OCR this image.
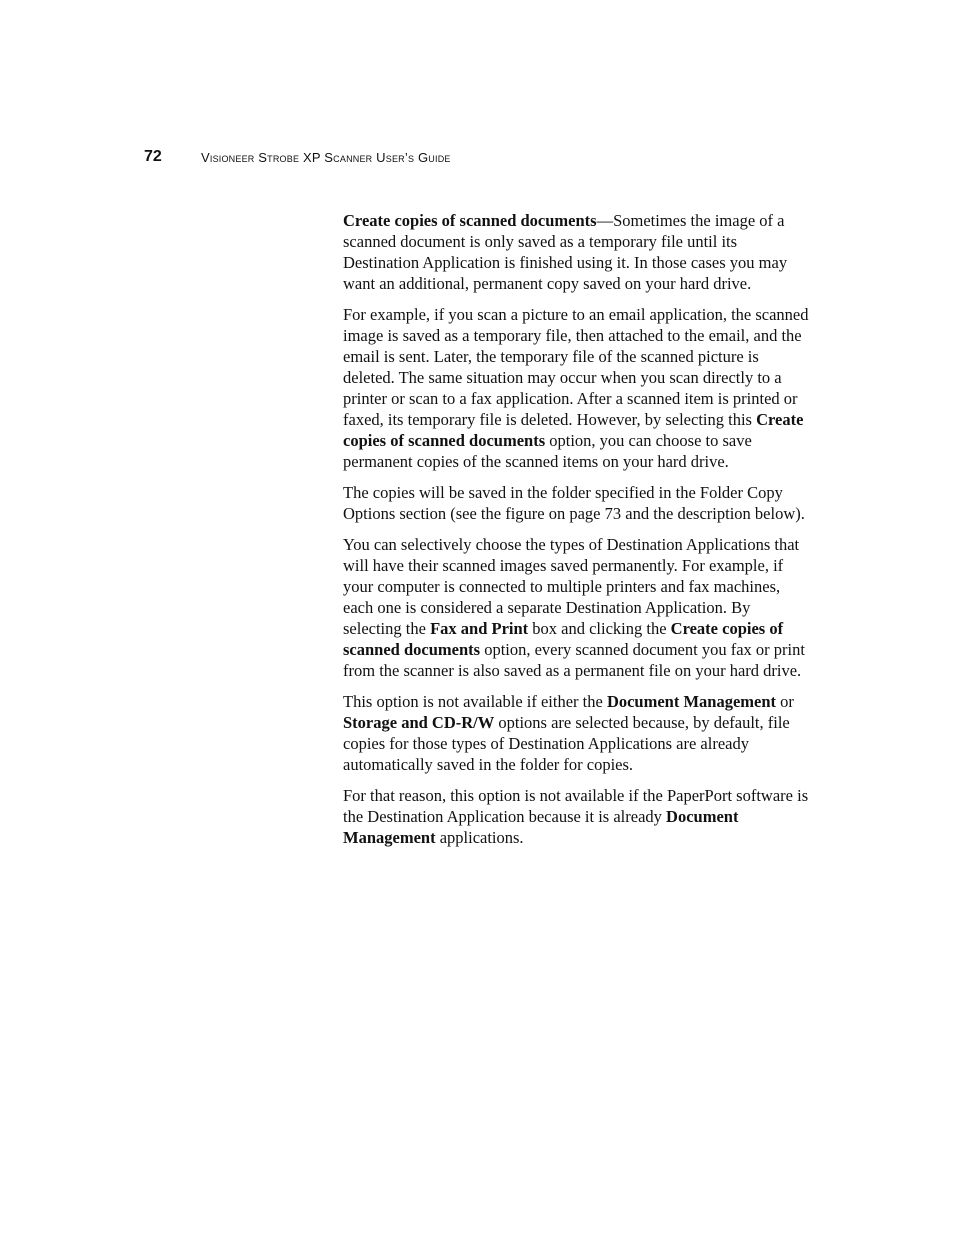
72	Visioneer Strobe XP Scanner User’s Guide

Create copies of scanned documents—Sometimes the image of a scanned document is only saved as a temporary file until its Destination Application is finished using it. In those cases you may want an additional, permanent copy saved on your hard drive.

For example, if you scan a picture to an email application, the scanned image is saved as a temporary file, then attached to the email, and the email is sent. Later, the temporary file of the scanned picture is deleted. The same situation may occur when you scan directly to a printer or scan to a fax application. After a scanned item is printed or faxed, its temporary file is deleted. However, by selecting this Create copies of scanned documents option, you can choose to save permanent copies of the scanned items on your hard drive.

The copies will be saved in the folder specified in the Folder Copy Options section (see the figure on page 73 and the description below).

You can selectively choose the types of Destination Applications that will have their scanned images saved permanently. For example, if your computer is connected to multiple printers and fax machines, each one is considered a separate Destination Application. By selecting the Fax and Print box and clicking the Create copies of scanned documents option, every scanned document you fax or print from the scanner is also saved as a permanent file on your hard drive.

This option is not available if either the Document Management or Storage and CD-R/W options are selected because, by default, file copies for those types of Destination Applications are already automatically saved in the folder for copies.

For that reason, this option is not available if the PaperPort software is the Destination Application because it is already Document Management applications.
